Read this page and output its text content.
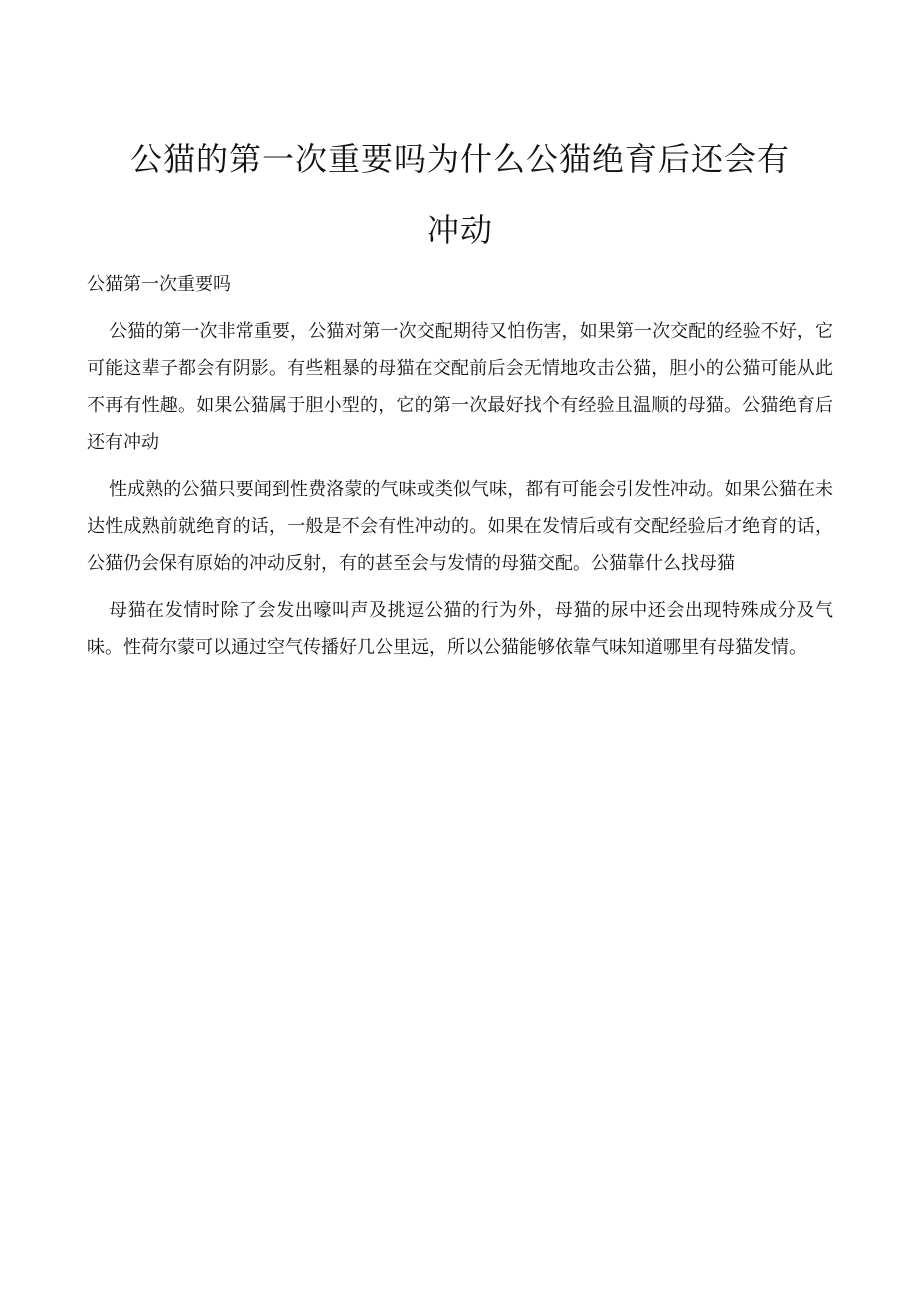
公猫的第一次重要吗为什么公猫绝育后还会有
冲动

公猫第一次重要吗

公猫的第一次非常重要，公猫对第一次交配期待又怕伤害，如果第一次交配的经验不好，它可能这辈子都会有阴影。有些粗暴的母猫在交配前后会无情地攻击公猫，胆小的公猫可能从此不再有性趣。如果公猫属于胆小型的，它的第一次最好找个有经验且温顺的母猫。公猫绝育后还有冲动

性成熟的公猫只要闻到性费洛蒙的气味或类似气味，都有可能会引发性冲动。如果公猫在未达性成熟前就绝育的话，一般是不会有性冲动的。如果在发情后或有交配经验后才绝育的话，公猫仍会保有原始的冲动反射，有的甚至会与发情的母猫交配。公猫靠什么找母猫

母猫在发情时除了会发出嚎叫声及挑逗公猫的行为外，母猫的尿中还会出现特殊成分及气味。性荷尔蒙可以通过空气传播好几公里远，所以公猫能够依靠气味知道哪里有母猫发情。
